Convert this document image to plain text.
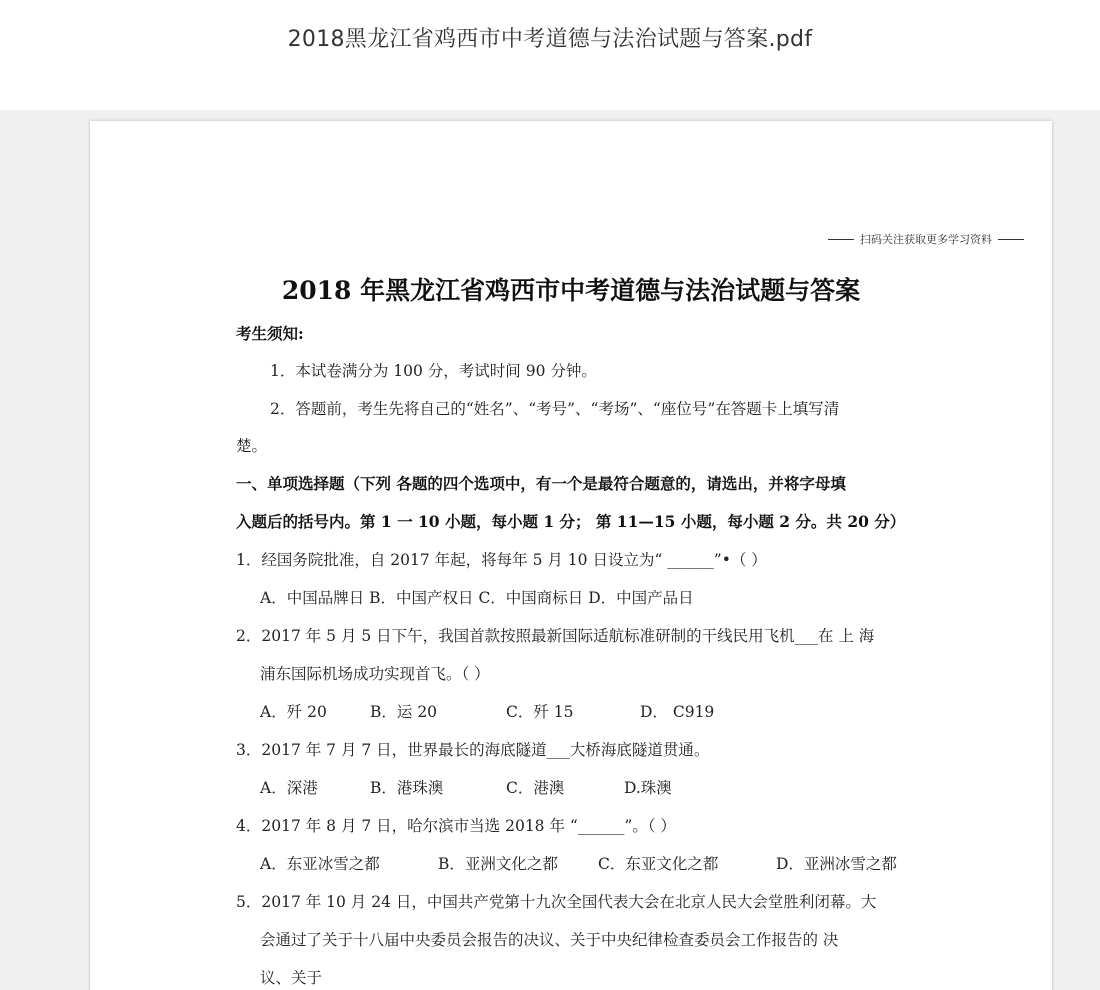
2018黑龙江省鸡西市中考道德与法治试题与答案.pdf
扫码关注获取更多学习资料
2018 年黑龙江省鸡西市中考道德与法治试题与答案
考生须知:
1．本试卷满分为 100 分，考试时间 90 分钟。
2．答题前，考生先将自己的“姓名”、“考号”、“考场”、“座位号”在答题卡上填写清
楚。
一、单项选择题（下列 各题的四个选项中，有一个是最符合题意的，请选出，并将字母填
入题后的括号内。第 1 一 10 小题，每小题 1 分； 第 11—15 小题，每小题 2 分。共 20 分）
1．经国务院批准，自 2017 年起，将每年 5 月 10 日设立为“ ______”•（ ）
A．中国品牌日 B．中国产权日 C．中国商标日 D．中国产品日
2．2017 年 5 月 5 日下午，我国首款按照最新国际适航标准研制的干线民用飞机___在 上 海
浦东国际机场成功实现首飞。（ ）
A．歼 20	B．运 20	C．歼 15	D． C919
3．2017 年 7 月 7 日，世界最长的海底隧道___大桥海底隧道贯通。
A．深港	B．港珠澳	C．港澳	D.珠澳
4．2017 年 8 月 7 日，哈尔滨市当选 2018 年 “______”。（ ）
A．东亚冰雪之都	B．亚洲文化之都	C．东亚文化之都	D．亚洲冰雪之都
5．2017 年 10 月 24 日，中国共产党第十九次全国代表大会在北京人民大会堂胜利闭幕。大
会通过了关于十八届中央委员会报告的决议、关于中央纪律检查委员会工作报告的 决
议、关于
